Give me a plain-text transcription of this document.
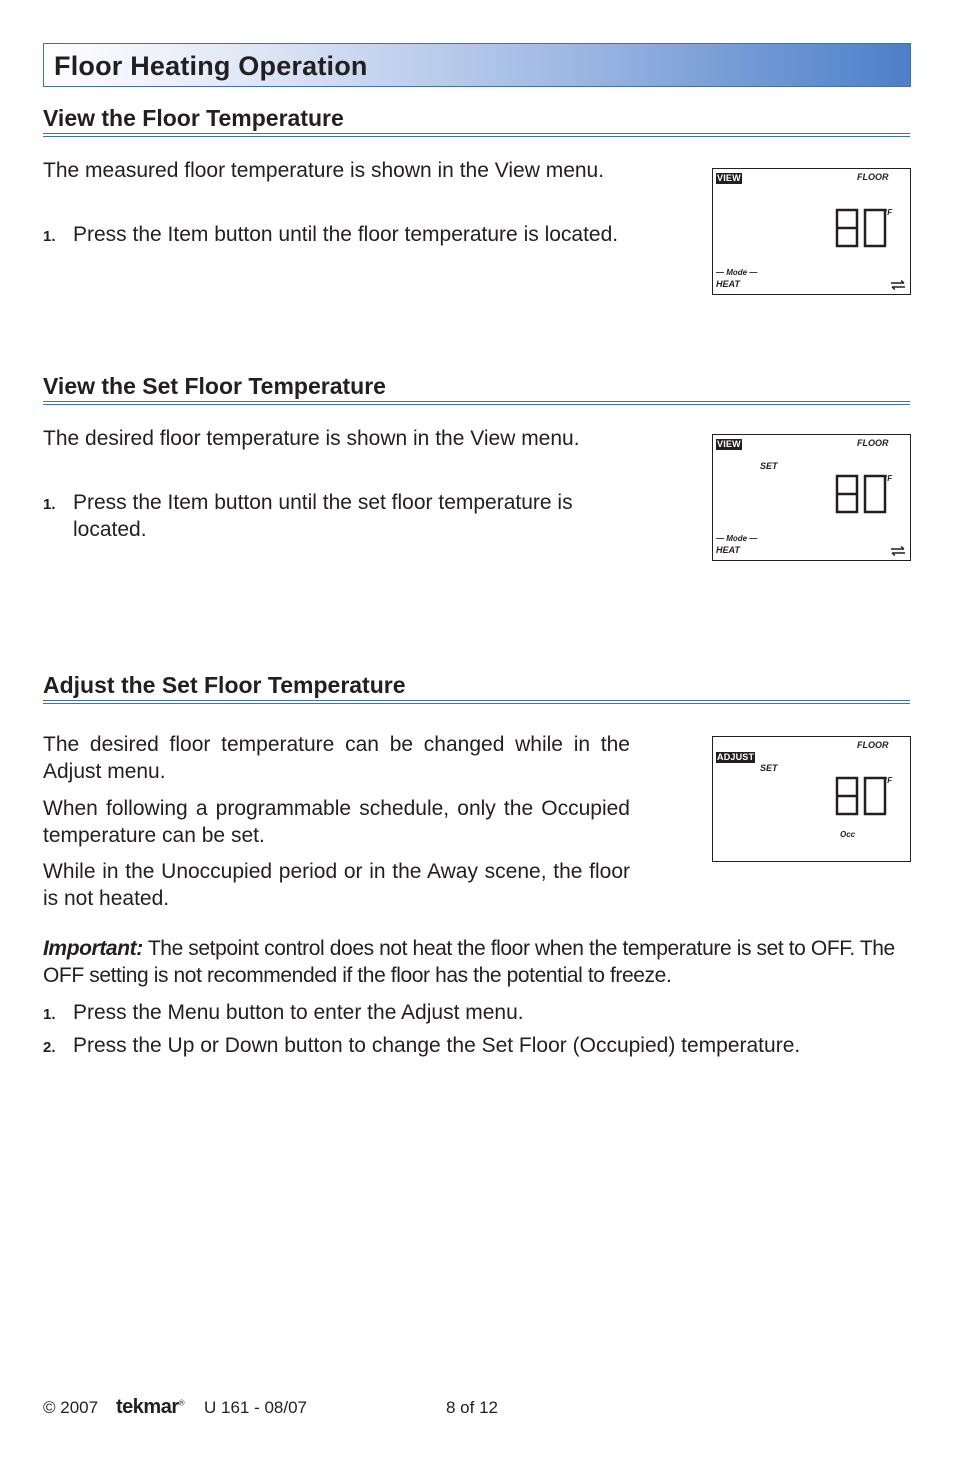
Floor Heating Operation
View the Floor Temperature

The measured floor temperature is shown in the View menu.

1. Press the Item button until the floor temperature is located.
VIEW	FLOOR
°F
— Mode —
HEAT
View the Set Floor Temperature

The desired floor temperature is shown in the View menu.

1. Press the Item button until the set floor temperature is located.
VIEW	FLOOR
SET
°F
— Mode —
HEAT
Adjust the Set Floor Temperature

The desired floor temperature can be changed while in the Adjust menu.

When following a programmable schedule, only the Occupied temperature can be set.

While in the Unoccupied period or in the Away scene, the floor is not heated.

FLOOR
ADJUST
SET
°F
Occ

Important: The setpoint control does not heat the floor when the temperature is set to OFF. The OFF setting is not recommended if the floor has the potential to freeze.

1. Press the Menu button to enter the Adjust menu.
2. Press the Up or Down button to change the Set Floor (Occupied) temperature.
© 2007 tekmar® U 161 - 08/07	8 of 12
